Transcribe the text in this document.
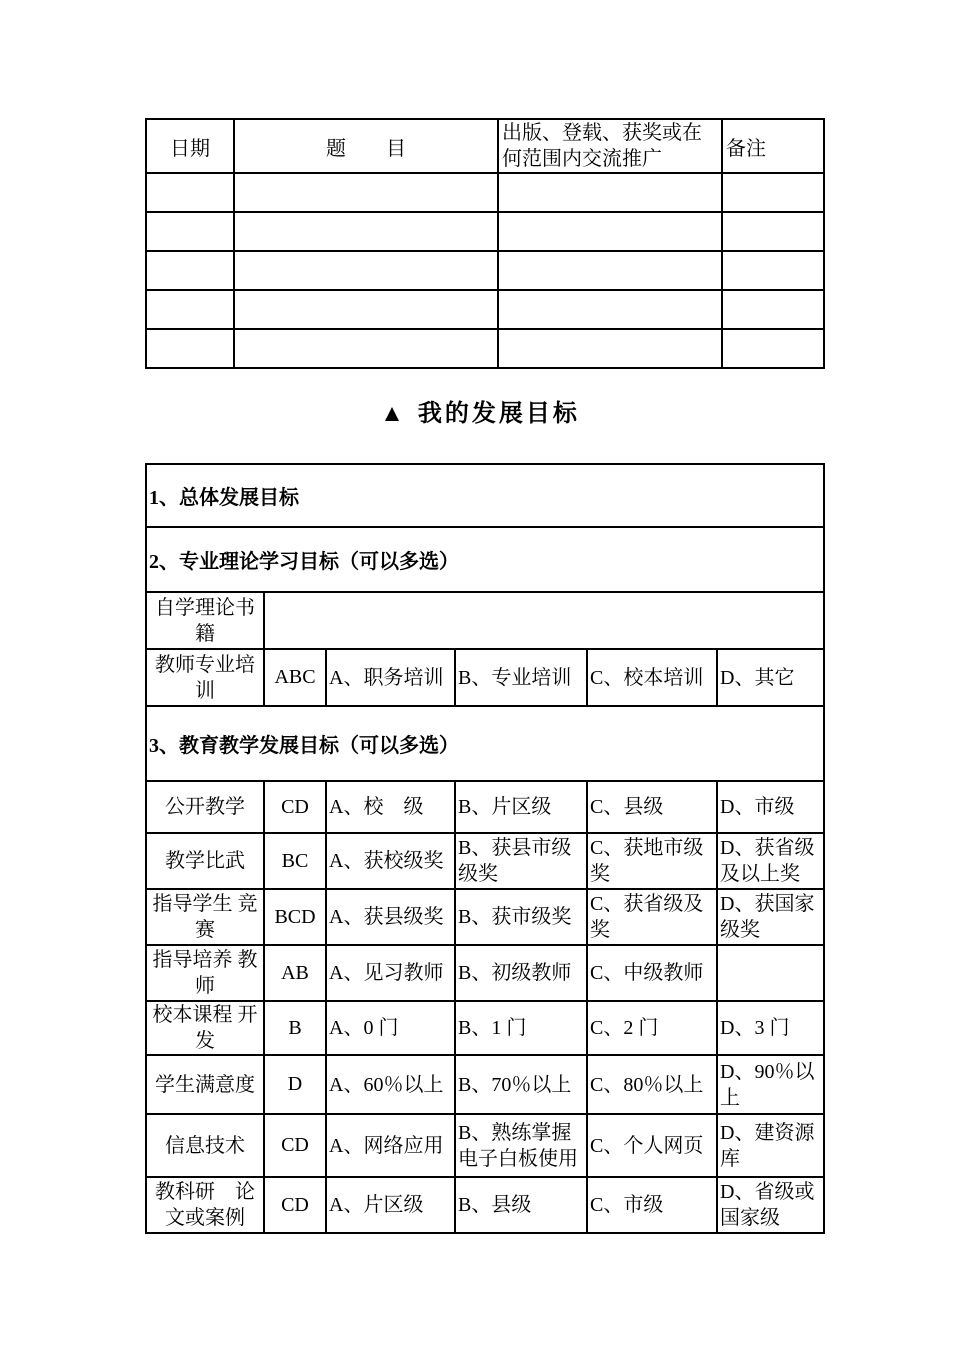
日期	题　　目	出版、登载、获奖或在何范围内交流推广	备注

▲ 我的发展目标
1、总体发展目标					
2、专业理论学习目标（可以多选）					
自学理论书籍					
教师专业培训	ABC	A、职务培训	B、专业培训	C、校本培训	D、其它
3、教育教学发展目标（可以多选）					
公开教学	CD	A、校　级	B、片区级	C、县级	D、市级
教学比武	BC	A、获校级奖	B、获县市级级奖	C、获地市级奖	D、获省级及以上奖
指导学生 竞赛	BCD	A、获县级奖	B、获市级奖	C、获省级及奖	D、获国家级奖
指导培养 教师	AB	A、见习教师	B、初级教师	C、中级教师	
校本课程 开发	B	A、0 门	B、1 门	C、2 门	D、3 门
学生满意度	D	A、60％以上	B、70％以上	C、80％以上	D、90％以上
信息技术	CD	A、网络应用	B、熟练掌握电子白板使用	C、个人网页	D、建资源库
教科研　论文或案例	CD	A、片区级	B、县级	C、市级	D、省级或国家级
